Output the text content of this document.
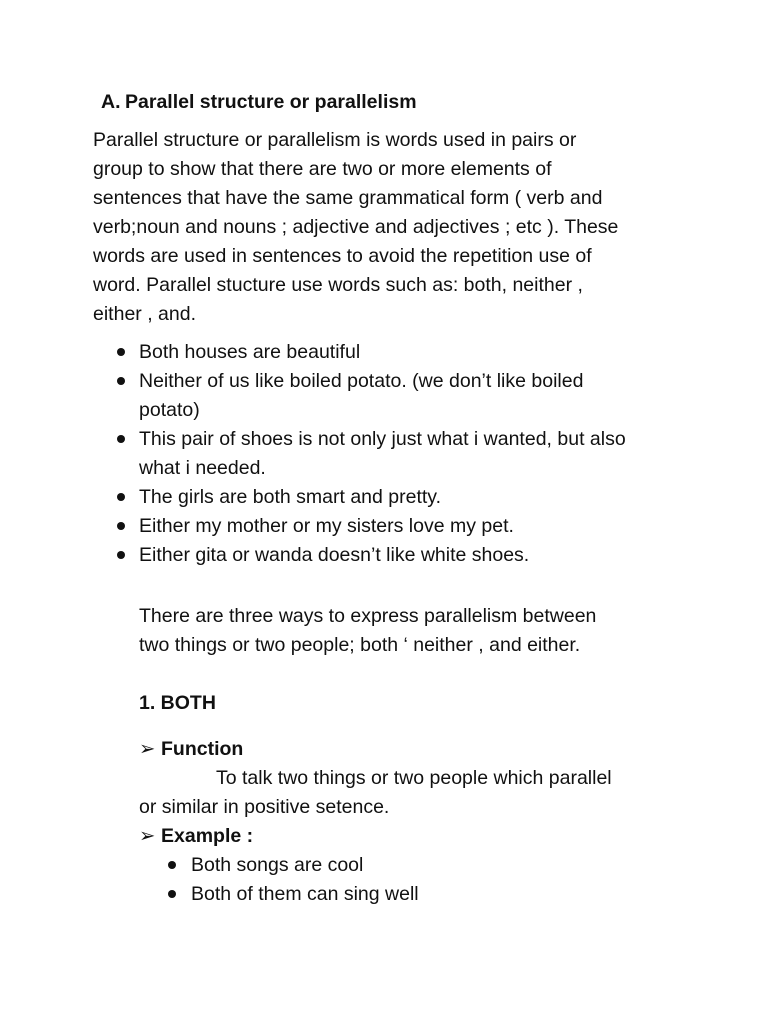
A. Parallel structure or parallelism
Parallel structure or parallelism is words used in pairs or
group to show that there are two or more elements of
sentences that have the same grammatical form ( verb and
verb;noun and nouns ; adjective and adjectives ; etc ). These
words are used in sentences to avoid the repetition use of
word. Parallel stucture use words such as: both, neither ,
either , and.
Both houses are beautiful
Neither of us like boiled potato. (we don’t like boiled
potato)
This pair of shoes is not only just what i wanted, but also
what i needed.
The girls are both smart and pretty.
Either my mother or my sisters love my pet.
Either gita or wanda doesn’t like white shoes.
There are three ways to express parallelism between
two things or two people; both ‘ neither , and either.
1. BOTH
➢ Function
To talk two things or two people which parallel
or similar in positive setence.
➢ Example :
Both songs are cool
Both of them can sing well
